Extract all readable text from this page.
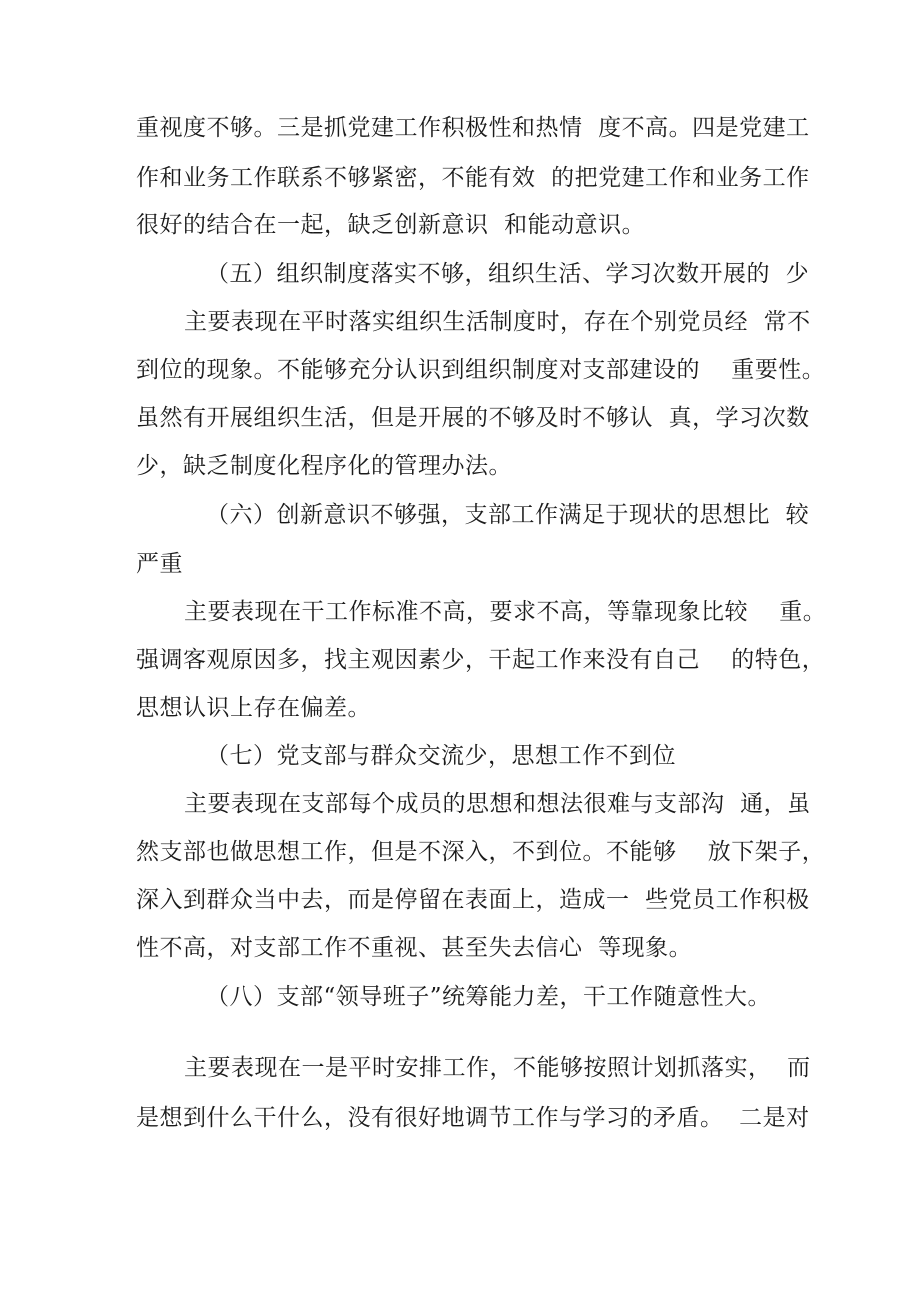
重视度不够。三是抓党建工作积极性和热情  度不高。四是党建工
作和业务工作联系不够紧密，不能有效  的把党建工作和业务工作
很好的结合在一起，缺乏创新意识  和能动意识。
（五）组织制度落实不够，组织生活、学习次数开展的  少
主要表现在平时落实组织生活制度时，存在个别党员经  常不
到位的现象。不能够充分认识到组织制度对支部建设的    重要性。
虽然有开展组织生活，但是开展的不够及时不够认  真，学习次数
少，缺乏制度化程序化的管理办法。
（六）创新意识不够强，支部工作满足于现状的思想比  较
严重
主要表现在干工作标准不高，要求不高，等靠现象比较    重。
强调客观原因多，找主观因素少，干起工作来没有自己    的特色，
思想认识上存在偏差。
（七）党支部与群众交流少，思想工作不到位
主要表现在支部每个成员的思想和想法很难与支部沟  通，虽
然支部也做思想工作，但是不深入，不到位。不能够    放下架子，
深入到群众当中去，而是停留在表面上，造成一  些党员工作积极
性不高，对支部工作不重视、甚至失去信心  等现象。
（八）支部“领导班子”统筹能力差，干工作随意性大。
主要表现在一是平时安排工作，不能够按照计划抓落实，  而
是想到什么干什么，没有很好地调节工作与学习的矛盾。  二是对
